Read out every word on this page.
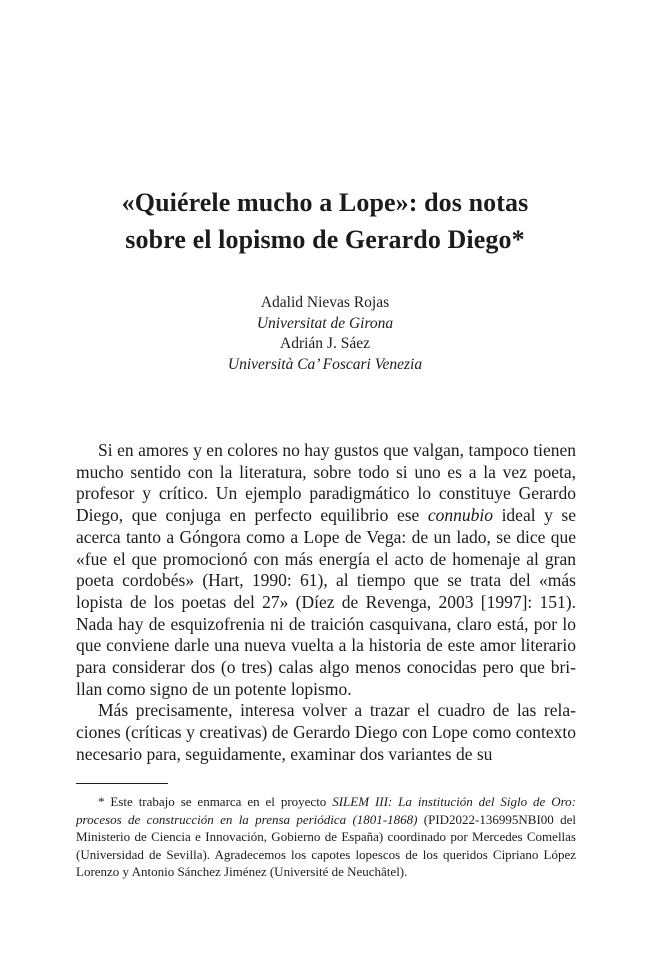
«Quiérele mucho a Lope»: dos notas
sobre el lopismo de Gerardo Diego*
Adalid Nievas Rojas
Universitat de Girona
Adrián J. Sáez
Università Ca’ Foscari Venezia

Si en amores y en colores no hay gustos que valgan, tampoco tienen mucho sentido con la literatura, sobre todo si uno es a la vez poeta, profesor y crítico. Un ejemplo paradigmático lo constituye Gerardo Diego, que conjuga en perfecto equilibrio ese connubio ideal y se acerca tanto a Góngora como a Lope de Vega: de un lado, se dice que «fue el que promocionó con más energía el acto de homenaje al gran poeta cordobés» (Hart, 1990: 61), al tiempo que se trata del «más lopista de los poetas del 27» (Díez de Revenga, 2003 [1997]: 151). Nada hay de esquizofrenia ni de traición casquivana, claro está, por lo que conviene darle una nueva vuelta a la historia de este amor literario para considerar dos (o tres) calas algo menos conocidas pero que brillan como signo de un potente lopismo.

Más precisamente, interesa volver a trazar el cuadro de las relaciones (críticas y creativas) de Gerardo Diego con Lope como contexto necesario para, seguidamente, examinar dos variantes de su

* Este trabajo se enmarca en el proyecto SILEM III: La institución del Siglo de Oro: procesos de construcción en la prensa periódica (1801-1868) (PID2022-136995NBI00 del Ministerio de Ciencia e Innovación, Gobierno de España) coordinado por Mercedes Comellas (Universidad de Sevilla). Agradecemos los capotes lopescos de los queridos Cipriano López Lorenzo y Antonio Sánchez Jiménez (Université de Neuchâtel).
